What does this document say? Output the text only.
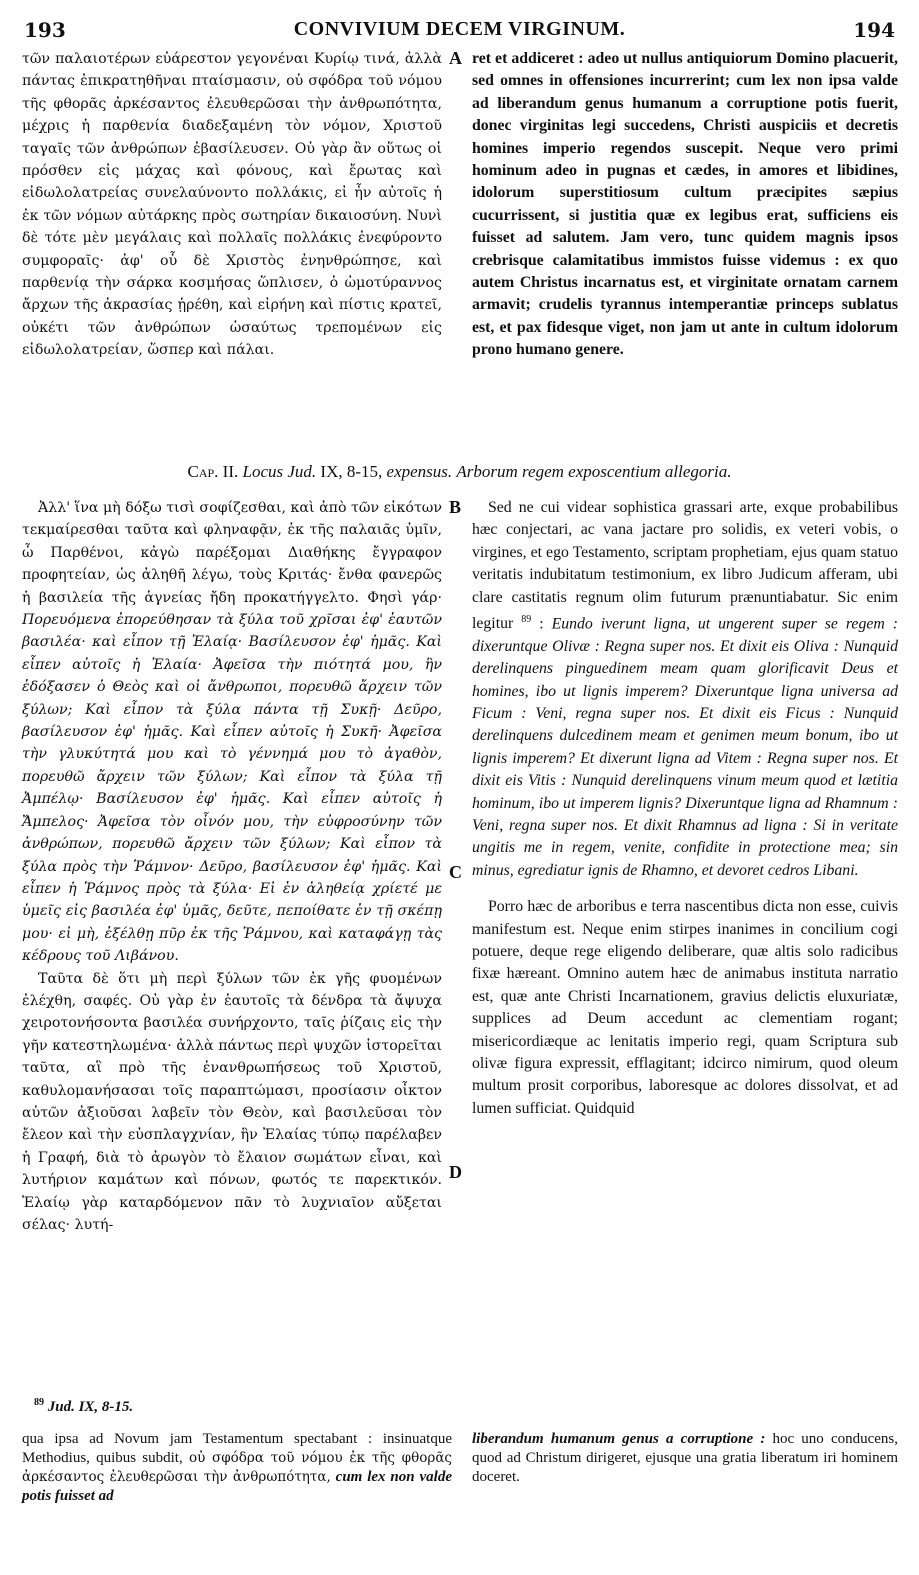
193	CONVIVIUM DECEM VIRGINUM.	194

τῶν παλαιοτέρων εὐάρεστον γεγονέναι Κυρίῳ τινά, ἀλλὰ πάντας ἐπικρατηθῆναι πταίσμασιν, οὐ σφόδρα τοῦ νόμου τῆς φθορᾶς ἀρκέσαντος ἐλευθερῶσαι τὴν ἀνθρωπότητα, μέχρις ἡ παρθενία διαδεξαμένη τὸν νόμον, Χριστοῦ ταγαῖς τῶν ἀνθρώπων ἐβασίλευσεν. Οὐ γὰρ ἂν οὕτως οἱ πρόσθεν εἰς μάχας καὶ φόνους, καὶ ἔρωτας καὶ εἰδωλολατρείας συνελαύνοντο πολλάκις, εἰ ἦν αὐτοῖς ἡ ἐκ τῶν νόμων αὐτάρκης πρὸς σωτηρίαν δικαιοσύνη. Νυνὶ δὲ τότε μὲν μεγάλαις καὶ πολλαῖς πολλάκις ἐνεφύροντο συμφοραῖς· ἀφ' οὗ δὲ Χριστὸς ἐνηνθρώπησε, καὶ παρθενίᾳ τὴν σάρκα κοσμήσας ὥπλισεν, ὁ ὠμοτύραννος ἄρχων τῆς ἀκρασίας ᾑρέθη, καὶ εἰρήνη καὶ πίστις κρατεῖ, οὐκέτι τῶν ἀνθρώπων ὡσαύτως τρεπομένων εἰς εἰδωλολατρείαν, ὥσπερ καὶ πάλαι.

A ret et addiceret : adeo ut nullus antiquiorum Domino placuerit, sed omnes in offensiones incurrerint; cum lex non ipsa valde ad liberandum genus humanum a corruptione potis fuerit, donec virginitas legi succedens, Christi auspiciis et decretis homines imperio regendos suscepit. Neque vero primi hominum adeo in pugnas et cædes, in amores et libidines, idolorum superstitiosum cultum præcipites sæpius cucurrissent, si justitia quæ ex legibus erat, sufficiens eis fuisset ad salutem. Jam vero, tunc quidem magnis ipsos crebrisque calamitatibus immistos fuisse videmus : ex quo autem Christus incarnatus est, et virginitate ornatam carnem armavit; crudelis tyrannus intemperantiæ princeps sublatus est, et pax fidesque viget, non jam ut ante in cultum idolorum prono humano genere.

Cap. II. Locus Jud. IX, 8-15, expensus. Arborum regem exposcentium allegoria.

Ἀλλ' ἵνα μὴ δόξω τισὶ σοφίζεσθαι, καὶ ἀπὸ τῶν εἰκότων τεκμαίρεσθαι ταῦτα καὶ φληναφᾷν, ἐκ τῆς παλαιᾶς ὑμῖν, ὦ Παρθένοι, κἀγὼ παρέξομαι Διαθήκης ἔγγραφον προφητείαν, ὡς ἀληθῆ λέγω, τοὺς Κριτάς· ἔνθα φανερῶς ἡ βασιλεία τῆς ἁγνείας ἤδη προκατήγγελτο. Φησὶ γάρ· Πορευόμενα ἐπορεύθησαν τὰ ξύλα τοῦ χρῖσαι ἐφ' ἑαυτῶν βασιλέα· καὶ εἶπον τῇ Ἐλαίᾳ· Βασίλευσον ἐφ' ἡμᾶς. Καὶ εἶπεν αὐτοῖς ἡ Ἐλαία· Ἀφεῖσα τὴν πιότητά μου, ἣν ἐδόξασεν ὁ Θεὸς καὶ οἱ ἄνθρωποι, πορευθῶ ἄρχειν τῶν ξύλων; Καὶ εἶπον τὰ ξύλα πάντα τῇ Συκῇ· Δεῦρο, βασίλευσον ἐφ' ἡμᾶς. Καὶ εἶπεν αὐτοῖς ἡ Συκῆ· Ἀφεῖσα τὴν γλυκύτητά μου καὶ τὸ γέννημά μου τὸ ἀγαθὸν, πορευθῶ ἄρχειν τῶν ξύλων; Καὶ εἶπον τὰ ξύλα τῇ Ἀμπέλῳ· Βασίλευσον ἐφ' ἡμᾶς. Καὶ εἶπεν αὐτοῖς ἡ Ἄμπελος· Ἀφεῖσα τὸν οἶνόν μου, τὴν εὐφροσύνην τῶν ἀνθρώπων, πορευθῶ ἄρχειν τῶν ξύλων; Καὶ εἶπον τὰ ξύλα πρὸς τὴν Ῥάμνον· Δεῦρο, βασίλευσον ἐφ' ἡμᾶς. Καὶ εἶπεν ἡ Ῥάμνος πρὸς τὰ ξύλα· Εἰ ἐν ἀληθείᾳ χρίετέ με ὑμεῖς εἰς βασιλέα ἐφ' ὑμᾶς, δεῦτε, πεποίθατε ἐν τῇ σκέπῃ μου· εἰ μὴ, ἐξέλθῃ πῦρ ἐκ τῆς Ῥάμνου, καὶ καταφάγῃ τὰς κέδρους τοῦ Λιβάνου.

Ταῦτα δὲ ὅτι μὴ περὶ ξύλων τῶν ἐκ γῆς φυομένων ἐλέχθη, σαφές. Οὐ γὰρ ἐν ἑαυτοῖς τὰ δένδρα τὰ ἄψυχα χειροτονήσοντα βασιλέα συνήρχοντο, ταῖς ῥίζαις εἰς τὴν γῆν κατεστηλωμένα· ἀλλὰ πάντως περὶ ψυχῶν ἱστορεῖται ταῦτα, αἳ πρὸ τῆς ἐνανθρωπήσεως τοῦ Χριστοῦ, καθυλομανήσασαι τοῖς παραπτώμασι, προσίασιν οἶκτον αὐτῶν ἀξιοῦσαι λαβεῖν τὸν Θεὸν, καὶ βασιλεῦσαι τὸν ἔλεον καὶ τὴν εὐσπλαγχνίαν, ἣν Ἐλαίας τύπῳ παρέλαβεν ἡ Γραφή, διὰ τὸ ἀρωγὸν τὸ ἔλαιον σωμάτων εἶναι, καὶ λυτήριον καμάτων καὶ πόνων, φωτός τε παρεκτικόν. Ἐλαίῳ γὰρ καταρδόμενον πᾶν τὸ λυχνιαῖον αὔξεται σέλας· λυτή-

B
C
D

Sed ne cui videar sophistica grassari arte, exque probabilibus hæc conjectari, ac vana jactare pro solidis, ex veteri vobis, o virgines, et ego Testamento, scriptam prophetiam, ejus quam statuo veritatis indubitatum testimonium, ex libro Judicum afferam, ubi clare castitatis regnum olim futurum prænuntiabatur. Sic enim legitur $^{89}$ : Eundo iverunt ligna, ut ungerent super se regem : dixeruntque Olivæ : Regna super nos. Et dixit eis Oliva : Nunquid derelinquens pinguedinem meam quam glorificavit Deus et homines, ibo ut lignis imperem? Dixeruntque ligna universa ad Ficum : Veni, regna super nos. Et dixit eis Ficus : Nunquid derelinquens dulcedinem meam et genimen meum bonum, ibo ut lignis imperem? Et dixerunt ligna ad Vitem : Regna super nos. Et dixit eis Vitis : Nunquid derelinquens vinum meum quod et lætitia hominum, ibo ut imperem lignis? Dixeruntque ligna ad Rhamnum : Veni, regna super nos. Et dixit Rhamnus ad ligna : Si in veritate ungitis me in regem, venite, confidite in protectione mea; sin minus, egrediatur ignis de Rhamno, et devoret cedros Libani.

Porro hæc de arboribus e terra nascentibus dicta non esse, cuivis manifestum est. Neque enim stirpes inanimes in concilium cogi potuere, deque rege eligendo deliberare, quæ altis solo radicibus fixæ hæreant. Omnino autem hæc de animabus instituta narratio est, quæ ante Christi Incarnationem, gravius delictis eluxuriatæ, supplices ad Deum accedunt ac clementiam rogant; misericordiæque ac lenitatis imperio regi, quam Scriptura sub olivæ figura expressit, efflagitant; idcirco nimirum, quod oleum multum prosit corporibus, laboresque ac dolores dissolvat, et ad lumen sufficiat. Quidquid

$^{89}$ Jud. IX, 8-15.
qua ipsa ad Novum jam Testamentum spectabant : insinuatque Methodius, quibus subdit, οὐ σφόδρα τοῦ νόμου ἐκ τῆς φθορᾶς ἀρκέσαντος ἐλευθερῶσαι τὴν ἀνθρωπότητα, cum lex non valde potis fuisset ad
liberandum humanum genus a corruptione : hoc uno conducens, quod ad Christum dirigeret, ejusque una gratia liberatum iri hominem doceret.
